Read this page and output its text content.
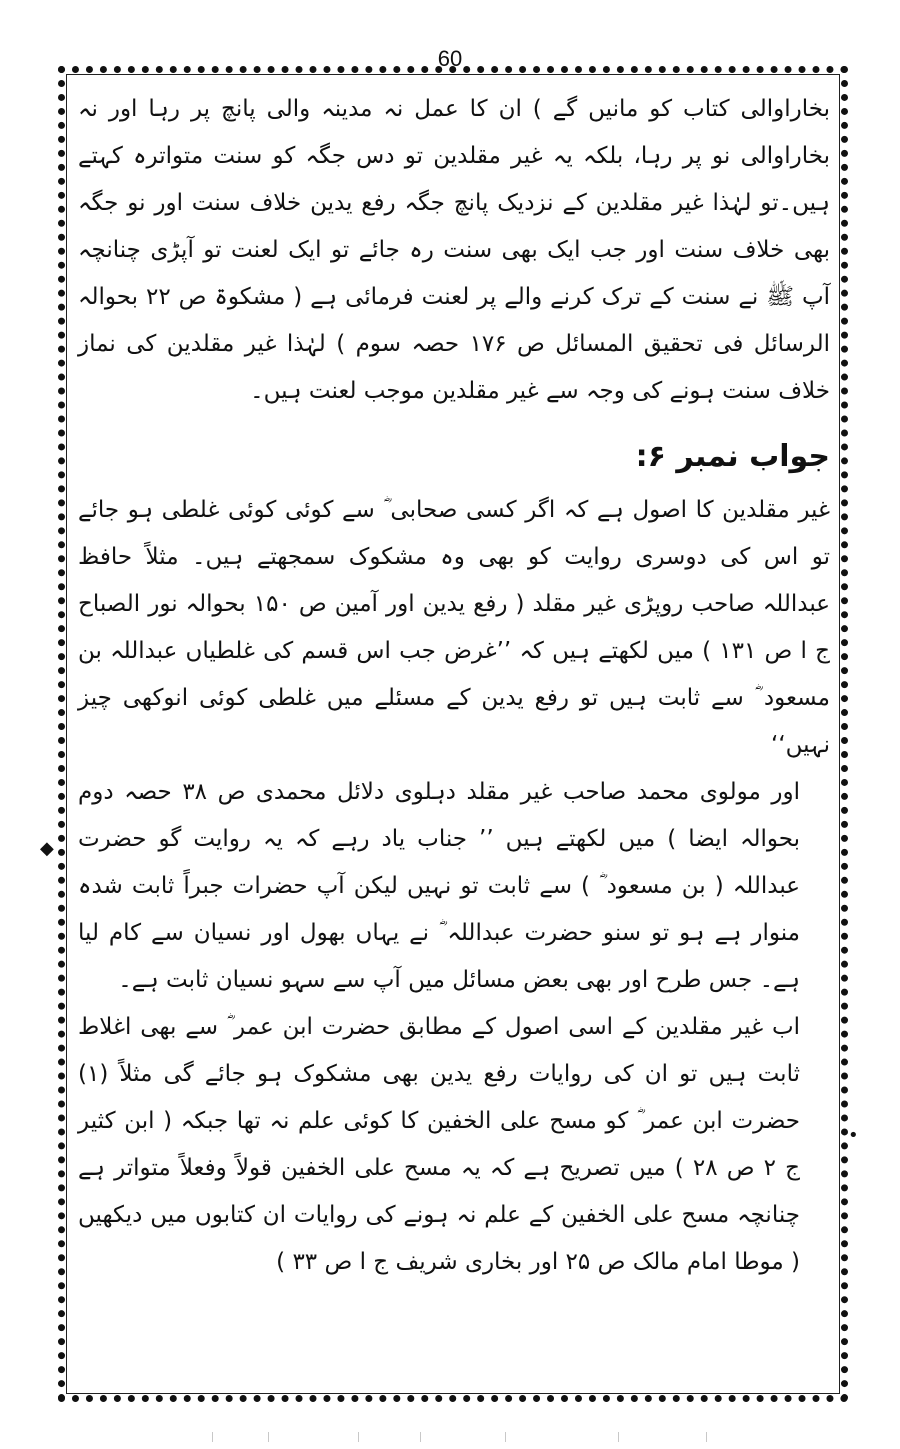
60

بخاراوالی کتاب کو مانیں گے ) ان کا عمل نہ مدینہ والی پانچ پر رہا اور نہ بخاراوالی نو پر رہا، بلکہ یہ غیر مقلدین تو دس جگہ کو سنت متواترہ کہتے ہیں۔تو لہٰذا غیر مقلدین کے نزدیک پانچ جگہ رفع یدین خلاف سنت اور نو جگہ بھی خلاف سنت اور جب ایک بھی سنت رہ جائے تو ایک لعنت تو آپڑی چنانچہ آپ ﷺ نے سنت کے ترک کرنے والے پر لعنت فرمائی ہے ( مشکوۃ ص ۲۲ بحوالہ الرسائل فی تحقیق المسائل ص ۱۷۶ حصہ سوم ) لہٰذا غیر مقلدین کی نماز خلاف سنت ہونے کی وجہ سے غیر مقلدین موجب لعنت ہیں۔

جواب نمبر ۶:

غیر مقلدین کا اصول ہے کہ اگر کسی صحابی ؓ سے کوئی کوئی غلطی ہو جائے تو اس کی دوسری روایت کو بھی وہ مشکوک سمجھتے ہیں۔ مثلاً حافظ عبداللہ صاحب روپڑی غیر مقلد ( رفع یدین اور آمین ص ۱۵۰ بحوالہ نور الصباح ج ا ص ۱۳۱ ) میں لکھتے ہیں کہ ’’غرض جب اس قسم کی غلطیاں عبداللہ بن مسعود ؓ سے ثابت ہیں تو رفع یدین کے مسئلے میں غلطی کوئی انوکھی چیز نہیں‘‘

اور مولوی محمد صاحب غیر مقلد دہلوی دلائل محمدی ص ۳۸ حصہ دوم بحوالہ ایضا ) میں لکھتے ہیں ’’ جناب یاد رہے کہ یہ روایت گو حضرت عبداللہ ( بن مسعود ؓ ) سے ثابت تو نہیں لیکن آپ حضرات جبراً ثابت شدہ منوار ہے ہو تو سنو حضرت عبداللہ ؓ نے یہاں بھول اور نسیان سے کام لیا ہے۔ جس طرح اور بھی بعض مسائل میں آپ سے سہو نسیان ثابت ہے۔

اب غیر مقلدین کے اسی اصول کے مطابق حضرت ابن عمر ؓ سے بھی اغلاط ثابت ہیں تو ان کی روایات رفع یدین بھی مشکوک ہو جائے گی مثلاً (۱) حضرت ابن عمر ؓ کو مسح علی الخفین کا کوئی علم نہ تھا جبکہ ( ابن کثیر ج ۲ ص ۲۸ ) میں تصریح ہے کہ یہ مسح علی الخفین قولاً وفعلاً متواتر ہے چنانچہ مسح علی الخفین کے علم نہ ہونے کی روایات ان کتابوں میں دیکھیں ( موطا امام مالک ص ۲۵ اور بخاری شریف ج ا ص ۳۳ )

◆
•
